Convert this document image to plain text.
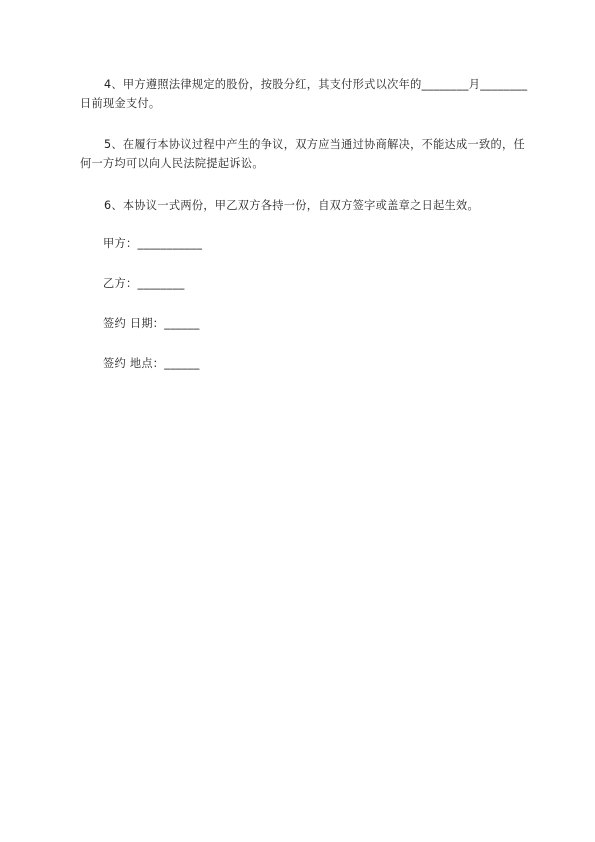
4、甲方遵照法律规定的股份，按股分红，其支付形式以次年的________月________日前现金支付。

5、在履行本协议过程中产生的争议，双方应当通过协商解决，不能达成一致的，任何一方均可以向人民法院提起诉讼。

6、本协议一式两份，甲乙双方各持一份，自双方签字或盖章之日起生效。

甲方：___________

乙方：________

签约 日期：______

签约 地点：______
